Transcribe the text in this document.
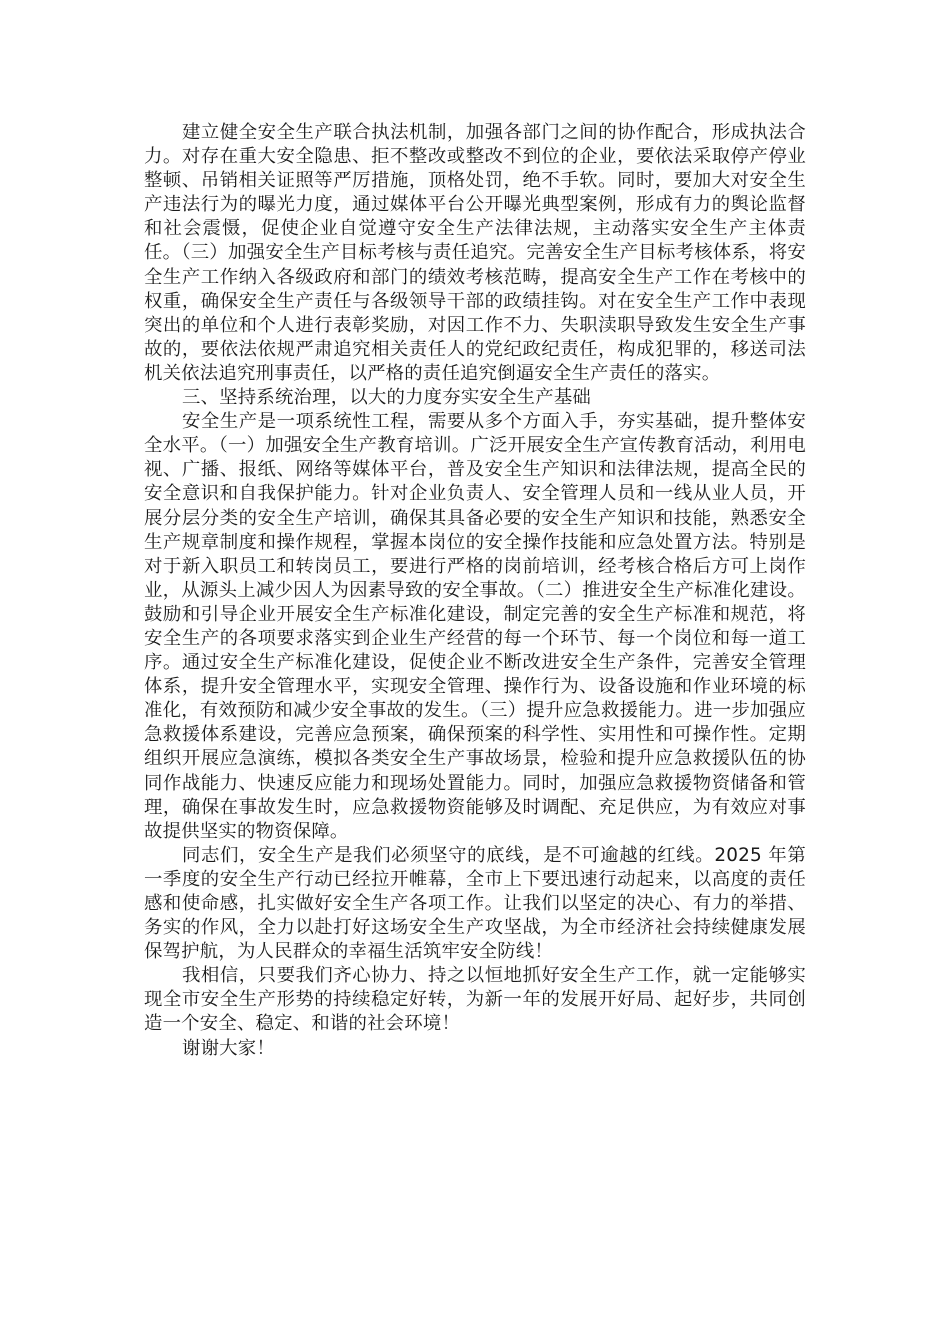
建立健全安全生产联合执法机制，加强各部门之间的协作配合，形成执法合力。对存在重大安全隐患、拒不整改或整改不到位的企业，要依法采取停产停业整顿、吊销相关证照等严厉措施，顶格处罚，绝不手软。同时，要加大对安全生产违法行为的曝光力度，通过媒体平台公开曝光典型案例，形成有力的舆论监督和社会震慑，促使企业自觉遵守安全生产法律法规，主动落实安全生产主体责任。（三）加强安全生产目标考核与责任追究。完善安全生产目标考核体系，将安全生产工作纳入各级政府和部门的绩效考核范畴，提高安全生产工作在考核中的权重，确保安全生产责任与各级领导干部的政绩挂钩。对在安全生产工作中表现突出的单位和个人进行表彰奖励，对因工作不力、失职渎职导致发生安全生产事故的，要依法依规严肃追究相关责任人的党纪政纪责任，构成犯罪的，移送司法机关依法追究刑事责任，以严格的责任追究倒逼安全生产责任的落实。

三、坚持系统治理，以大的力度夯实安全生产基础

安全生产是一项系统性工程，需要从多个方面入手，夯实基础，提升整体安全水平。（一）加强安全生产教育培训。广泛开展安全生产宣传教育活动，利用电视、广播、报纸、网络等媒体平台，普及安全生产知识和法律法规，提高全民的安全意识和自我保护能力。针对企业负责人、安全管理人员和一线从业人员，开展分层分类的安全生产培训，确保其具备必要的安全生产知识和技能，熟悉安全生产规章制度和操作规程，掌握本岗位的安全操作技能和应急处置方法。特别是对于新入职员工和转岗员工，要进行严格的岗前培训，经考核合格后方可上岗作业，从源头上减少因人为因素导致的安全事故。（二）推进安全生产标准化建设。鼓励和引导企业开展安全生产标准化建设，制定完善的安全生产标准和规范，将安全生产的各项要求落实到企业生产经营的每一个环节、每一个岗位和每一道工序。通过安全生产标准化建设，促使企业不断改进安全生产条件，完善安全管理体系，提升安全管理水平，实现安全管理、操作行为、设备设施和作业环境的标准化，有效预防和减少安全事故的发生。（三）提升应急救援能力。进一步加强应急救援体系建设，完善应急预案，确保预案的科学性、实用性和可操作性。定期组织开展应急演练，模拟各类安全生产事故场景，检验和提升应急救援队伍的协同作战能力、快速反应能力和现场处置能力。同时，加强应急救援物资储备和管理，确保在事故发生时，应急救援物资能够及时调配、充足供应，为有效应对事故提供坚实的物资保障。

同志们，安全生产是我们必须坚守的底线，是不可逾越的红线。2025 年第一季度的安全生产行动已经拉开帷幕，全市上下要迅速行动起来，以高度的责任感和使命感，扎实做好安全生产各项工作。让我们以坚定的决心、有力的举措、务实的作风，全力以赴打好这场安全生产攻坚战，为全市经济社会持续健康发展保驾护航，为人民群众的幸福生活筑牢安全防线！

我相信，只要我们齐心协力、持之以恒地抓好安全生产工作，就一定能够实现全市安全生产形势的持续稳定好转，为新一年的发展开好局、起好步，共同创造一个安全、稳定、和谐的社会环境！

谢谢大家！
